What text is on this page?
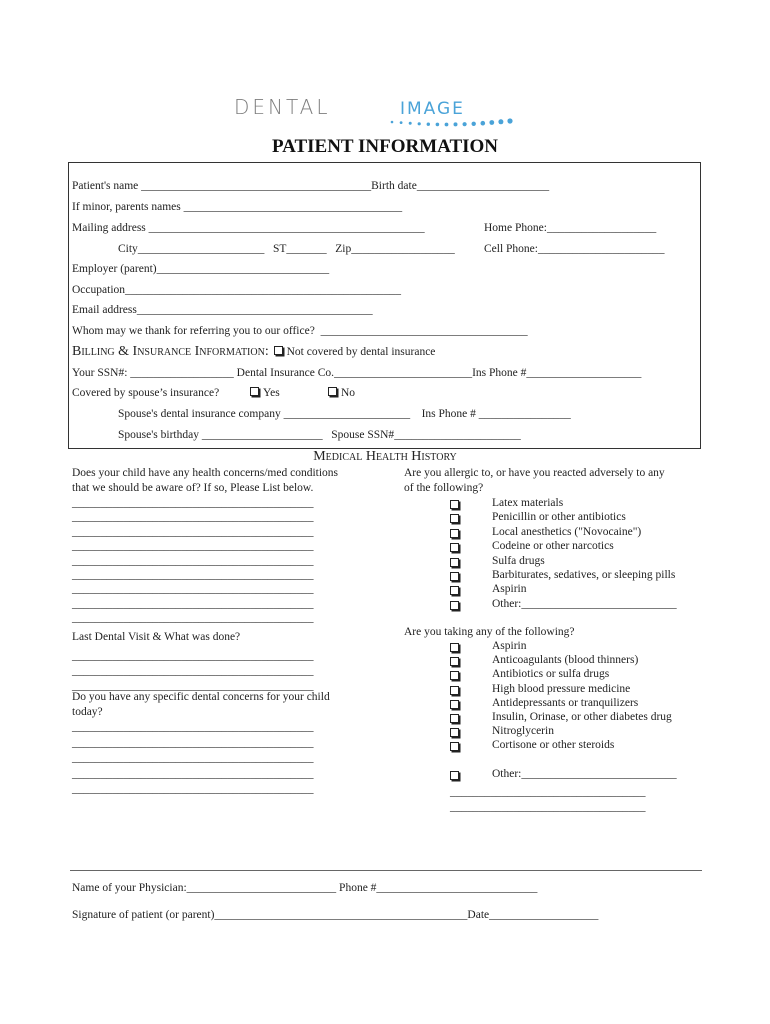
DENTAL	IMAGE
PATIENT INFORMATION
Patient's name ________________________________________Birth date_______________________
If minor, parents names ______________________________________
Mailing address ________________________________________________	Home Phone:___________________
City______________________ ST_______ Zip__________________	Cell Phone:______________________
Employer (parent)______________________________
Occupation________________________________________________
Email address_________________________________________
Whom may we thank for referring you to our office? ____________________________________
Billing & Insurance Information: Not covered by dental insurance
Your SSN#: __________________ Dental Insurance Co.________________________Ins Phone #____________________
Covered by spouse’s insurance?	Yes	No
Spouse's dental insurance company ______________________ Ins Phone # ________________
Spouse's birthday _____________________ Spouse SSN#______________________
Medical Health History
Does your child have any health concerns/med conditions
that we should be aware of? If so, Please List below.
__________________________________________
__________________________________________
__________________________________________
__________________________________________
__________________________________________
__________________________________________
__________________________________________
__________________________________________
__________________________________________
Last Dental Visit & What was done?
__________________________________________
__________________________________________
__________________________________________
Do you have any specific dental concerns for your child
today?
__________________________________________
__________________________________________
__________________________________________
__________________________________________
__________________________________________
Are you allergic to, or have you reacted adversely to any
of the following?
Latex materials
Penicillin or other antibiotics
Local anesthetics ("Novocaine")
Codeine or other narcotics
Sulfa drugs
Barbiturates, sedatives, or sleeping pills
Aspirin
Other:___________________________
Are you taking any of the following?
Aspirin
Anticoagulants (blood thinners)
Antibiotics or sulfa drugs
High blood pressure medicine
Antidepressants or tranquilizers
Insulin, Orinase, or other diabetes drug
Nitroglycerin
Cortisone or other steroids
Other:___________________________
__________________________________
__________________________________
Name of your Physician:__________________________ Phone #____________________________
Signature of patient (or parent)____________________________________________Date___________________
